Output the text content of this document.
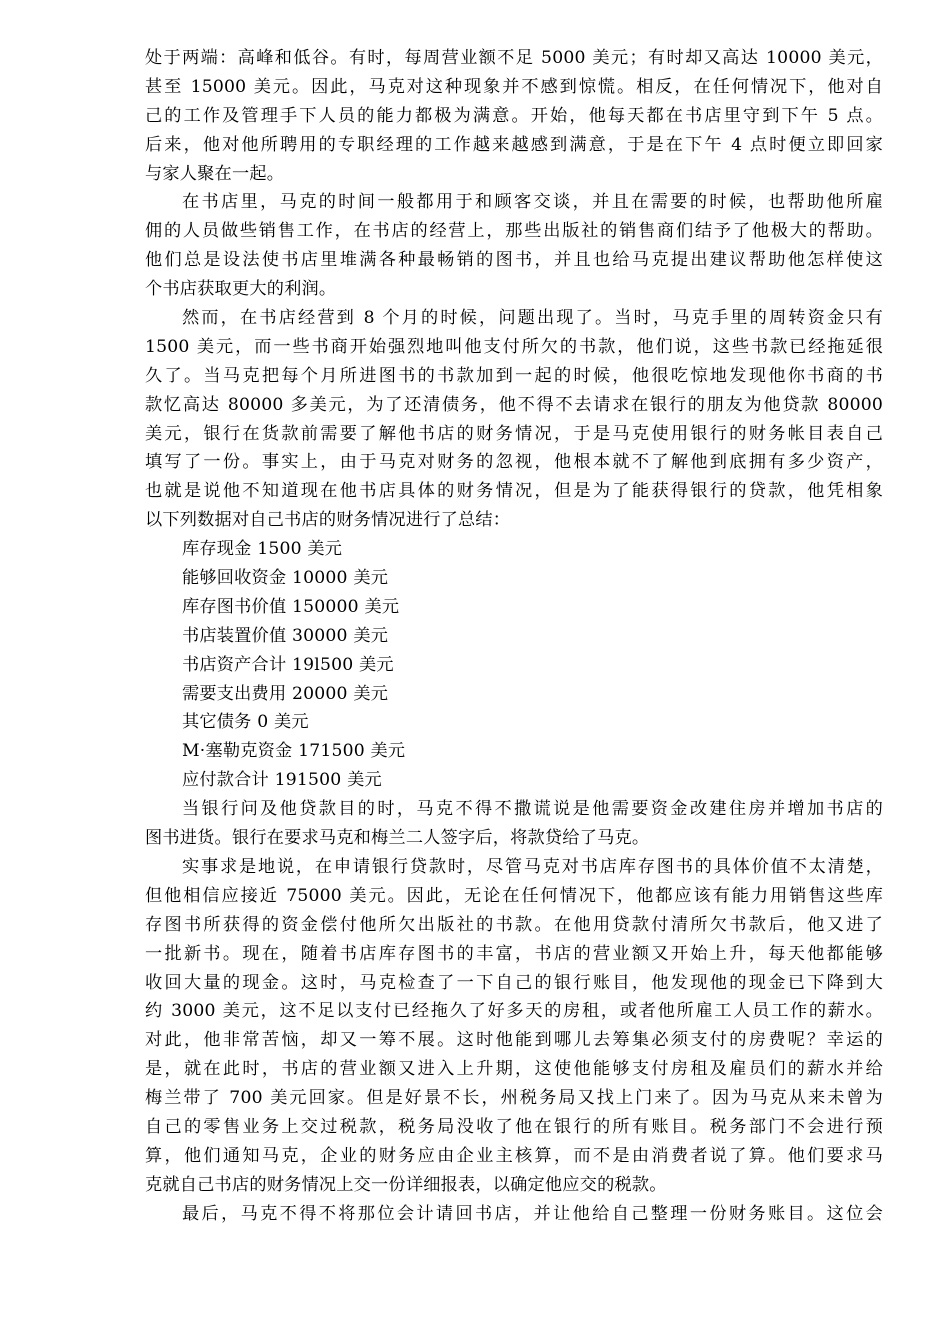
处于两端：高峰和低谷。有时，每周营业额不足 5000 美元；有时却又高达 10000 美元，
甚至 15000 美元。因此，马克对这种现象并不感到惊慌。相反，在任何情况下，他对自
己的工作及管理手下人员的能力都极为满意。开始，他每天都在书店里守到下午 5 点。
后来，他对他所聘用的专职经理的工作越来越感到满意，于是在下午 4 点时便立即回家
与家人聚在一起。
在书店里，马克的时间一般都用于和顾客交谈，并且在需要的时候，也帮助他所雇
佣的人员做些销售工作，在书店的经营上，那些出版社的销售商们结予了他极大的帮助。
他们总是设法使书店里堆满各种最畅销的图书，并且也给马克提出建议帮助他怎样使这
个书店获取更大的利润。
然而，在书店经营到 8 个月的时候，问题出现了。当时，马克手里的周转资金只有
1500 美元，而一些书商开始强烈地叫他支付所欠的书款，他们说，这些书款已经拖延很
久了。当马克把每个月所进图书的书款加到一起的时候，他很吃惊地发现他你书商的书
款忆高达 80000 多美元，为了还清债务，他不得不去请求在银行的朋友为他贷款 80000
美元，银行在货款前需要了解他书店的财务情况，于是马克使用银行的财务帐目表自己
填写了一份。事实上，由于马克对财务的忽视，他根本就不了解他到底拥有多少资产，
也就是说他不知道现在他书店具体的财务情况，但是为了能获得银行的贷款，他凭相象
以下列数据对自己书店的财务情况进行了总结：
库存现金 1500 美元
能够回收资金 10000 美元
库存图书价值 150000 美元
书店装置价值 30000 美元
书店资产合计 19l500 美元
需要支出费用 20000 美元
其它债务 0 美元
M·塞勒克资金 171500 美元
应付款合计 191500 美元
当银行问及他贷款目的时，马克不得不撒谎说是他需要资金改建住房并增加书店的
图书进货。银行在要求马克和梅兰二人签字后，将款贷给了马克。
实事求是地说，在申请银行贷款时，尽管马克对书店库存图书的具体价值不太清楚，
但他相信应接近 75000 美元。因此，无论在任何情况下，他都应该有能力用销售这些库
存图书所获得的资金偿付他所欠出版社的书款。在他用贷款付清所欠书款后，他又进了
一批新书。现在，随着书店库存图书的丰富，书店的营业额又开始上升，每天他都能够
收回大量的现金。这时，马克检查了一下自己的银行账目，他发现他的现金已下降到大
约 3000 美元，这不足以支付已经拖久了好多天的房租，或者他所雇工人员工作的薪水。
对此，他非常苦恼，却又一筹不展。这时他能到哪儿去筹集必须支付的房费呢？幸运的
是，就在此时，书店的营业额又进入上升期，这使他能够支付房租及雇员们的薪水并给
梅兰带了 700 美元回家。但是好景不长，州税务局又找上门来了。因为马克从来未曾为
自己的零售业务上交过税款，税务局没收了他在银行的所有账目。税务部门不会进行预
算，他们通知马克，企业的财务应由企业主核算，而不是由消费者说了算。他们要求马
克就自己书店的财务情况上交一份详细报表，以确定他应交的税款。
最后，马克不得不将那位会计请回书店，并让他给自己整理一份财务账目。这位会
